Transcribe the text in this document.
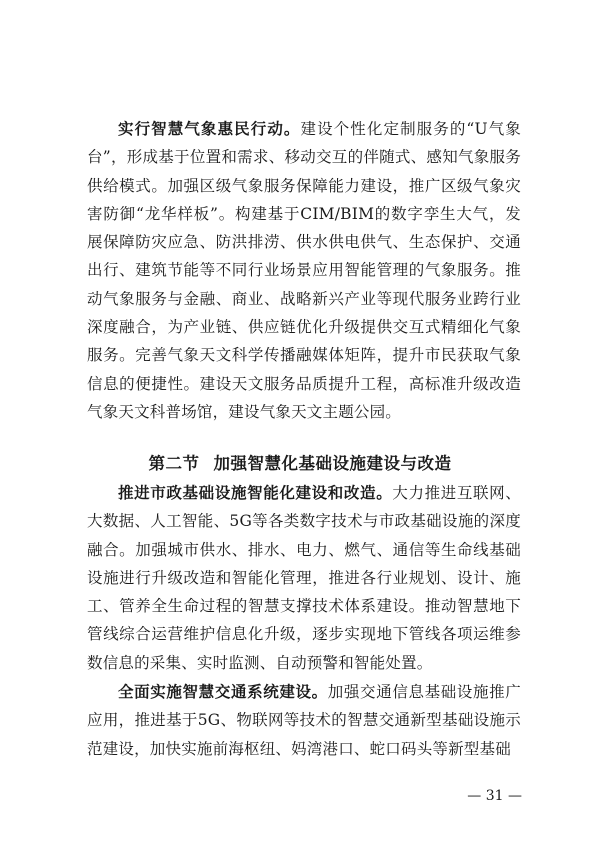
实行智慧气象惠民行动。建设个性化定制服务的“U气象台”，形成基于位置和需求、移动交互的伴随式、感知气象服务供给模式。加强区级气象服务保障能力建设，推广区级气象灾害防御“龙华样板”。构建基于CIM/BIM的数字孪生大气，发展保障防灾应急、防洪排涝、供水供电供气、生态保护、交通出行、建筑节能等不同行业场景应用智能管理的气象服务。推动气象服务与金融、商业、战略新兴产业等现代服务业跨行业深度融合，为产业链、供应链优化升级提供交互式精细化气象服务。完善气象天文科学传播融媒体矩阵，提升市民获取气象信息的便捷性。建设天文服务品质提升工程，高标准升级改造气象天文科普场馆，建设气象天文主题公园。

第二节 加强智慧化基础设施建设与改造

推进市政基础设施智能化建设和改造。大力推进互联网、大数据、人工智能、5G等各类数字技术与市政基础设施的深度融合。加强城市供水、排水、电力、燃气、通信等生命线基础设施进行升级改造和智能化管理，推进各行业规划、设计、施工、管养全生命过程的智慧支撑技术体系建设。推动智慧地下管线综合运营维护信息化升级，逐步实现地下管线各项运维参数信息的采集、实时监测、自动预警和智能处置。

全面实施智慧交通系统建设。加强交通信息基础设施推广应用，推进基于5G、物联网等技术的智慧交通新型基础设施示范建设，加快实施前海枢纽、妈湾港口、蛇口码头等新型基础

— 31 —
